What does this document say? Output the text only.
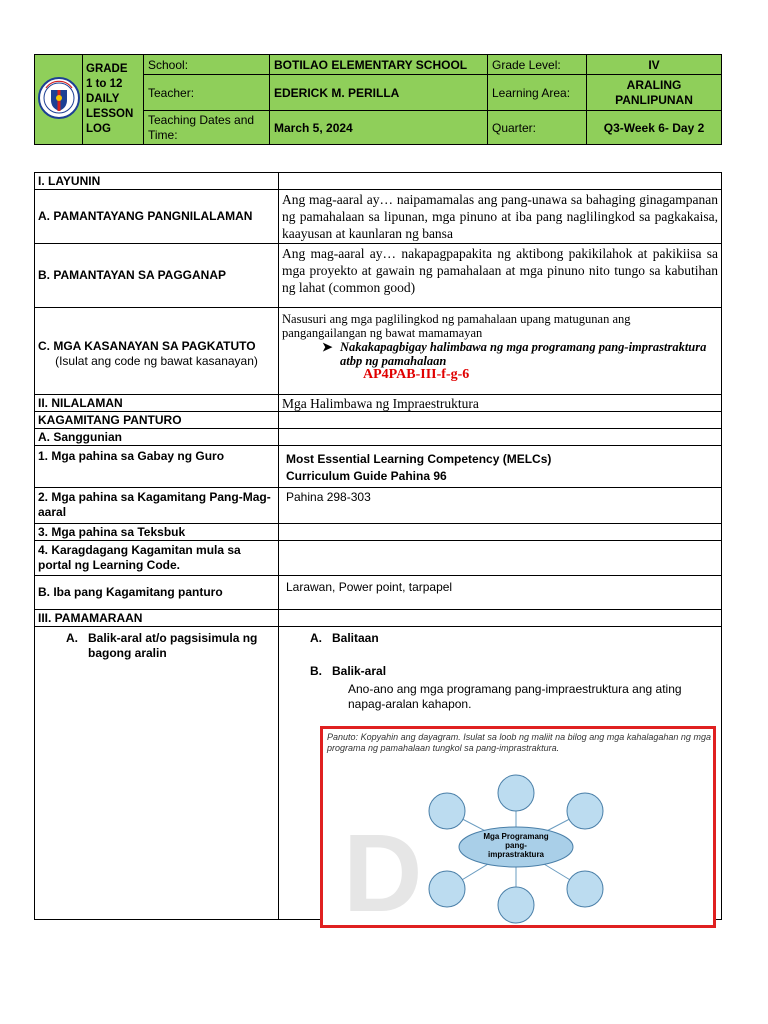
	GRADE
1 to 12
DAILY
LESSON
LOG	School:	BOTILAO ELEMENTARY SCHOOL	Grade Level:	IV
		Teacher:	EDERICK M. PERILLA	Learning Area:	ARALING PANLIPUNAN
		Teaching Dates and Time:	March 5, 2024	Quarter:	Q3-Week 6- Day 2
I. LAYUNIN	
A. PAMANTAYANG PANGNILALAMAN	Ang mag-aaral ay… naipamamalas ang pang-unawa sa bahaging ginagampanan ng pamahalaan sa lipunan, mga pinuno at iba pang naglilingkod sa pagkakaisa, kaayusan at kaunlaran ng bansa
B. PAMANTAYAN SA PAGGANAP	Ang mag-aaral ay… nakapagpapakita ng aktibong pakikilahok at pakikiisa sa mga proyekto at gawain ng pamahalaan at mga pinuno nito tungo sa kabutihan ng lahat (common good)

C. MGA KASANAYAN SA PAGKATUTO
(Isulat ang code ng bawat kasanayan)	Nasusuri ang mga paglilingkod ng pamahalaan upang matugunan ang pangangailangan ng bawat mamamayan
➤ Nakakapagbigay halimbawa ng mga programang pang-imprastraktura atbp ng pamahalaan
AP4PAB-III-f-g-6

II. NILALAMAN	Mga Halimbawa ng Impraestruktura
KAGAMITANG PANTURO	
A. Sanggunian	
1. Mga pahina sa Gabay ng Guro	Most Essential Learning Competency (MELCs)
Curriculum Guide Pahina 96

2. Mga pahina sa Kagamitang Pang-Mag-aaral	Pahina 298-303
3. Mga pahina sa Teksbuk	
4. Karagdagang Kagamitan mula sa portal ng Learning Code.	
B. Iba pang Kagamitang panturo	Larawan, Power point, tarpapel
III. PAMAMARAAN	

A. Balik-aral at/o pagsisimula ng bagong aralin	A. Balitaan
B. Balik-aral
Ano-ano ang mga programang pang-impraestruktura ang ating napag-aralan kahapon.
D	Mga Programang
pang-
imprastraktura
Panuto: Kopyahin ang dayagram. Isulat sa loob ng maliit na bilog ang mga kahalagahan ng mga programa ng pamahalaan tungkol sa pang-imprastraktura.
